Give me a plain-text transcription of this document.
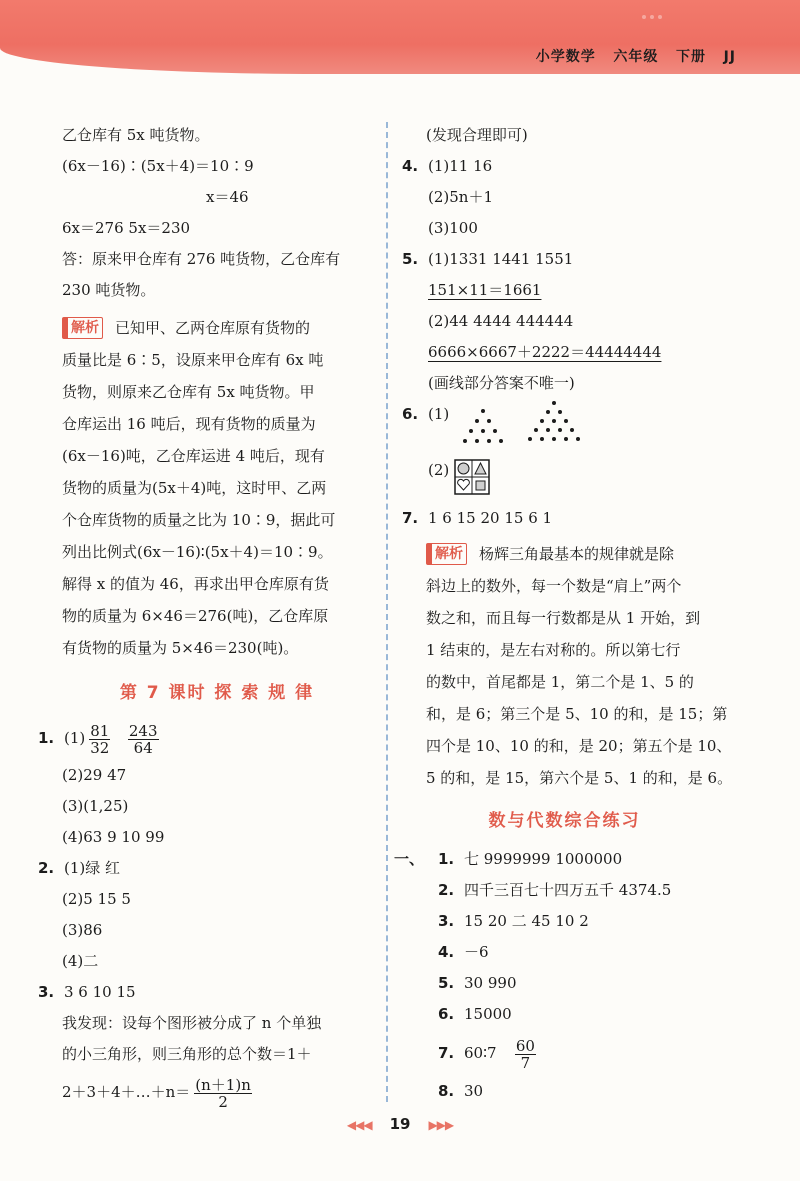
小学数学   六年级   下册   JJ
乙仓库有 5x 吨货物。
(6x－16)∶(5x＋4)＝10∶9
x＝46
6x＝276 5x＝230
答：原来甲仓库有 276 吨货物，乙仓库有
230 吨货物。
解析 已知甲、乙两仓库原有货物的
质量比是 6∶5，设原来甲仓库有 6x 吨
货物，则原来乙仓库有 5x 吨货物。甲
仓库运出 16 吨后，现有货物的质量为
(6x－16)吨，乙仓库运进 4 吨后，现有
货物的质量为(5x＋4)吨，这时甲、乙两
个仓库货物的质量之比为 10∶9，据此可
列出比例式(6x－16)∶(5x＋4)＝10∶9。
解得 x 的值为 46，再求出甲仓库原有货
物的质量为 6×46＝276(吨)，乙仓库原
有货物的质量为 5×46＝230(吨)。
第 7 课时 探 索 规 律
1. $(1) \frac{81}{32}$
$\frac{243}{64}$
(2)29 47
(3)(1,25)
(4)63 9 10 99
2. (1)绿 红
(2)5 15 5
(3)86
(4)二
3. 3 6 10 15
我发现：设每个图形被分成了 n 个单独
的小三角形，则三角形的总个数＝1＋
2＋3＋4＋…＋n＝ $\frac{(n+1)n}{2}$
(发现合理即可)
4. (1)11 16
(2)5n＋1
(3)100
5. (1)1331 1441 1551
151×11＝1661
(2)44 4444 444444
6666×6667＋2222＝44444444
(画线部分答案不唯一)
6. (1)
(2)
7. 1 6 15 20 15 6 1
解析 杨辉三角最基本的规律就是除
斜边上的数外，每一个数是“肩上”两个
数之和，而且每一行数都是从 1 开始，到
1 结束的，是左右对称的。所以第七行
的数中，首尾都是 1，第二个是 1、5 的
和，是 6；第三个是 5、10 的和，是 15；第
四个是 10、10 的和，是 20；第五个是 10、
5 的和，是 15，第六个是 5、1 的和，是 6。
数与代数综合练习
一、 1. 七 9999999 1000000
2. 四千三百七十四万五千 4374.5
3. 15 20 二 45 10 2
4. －6
5. 30 990
6. 15000
7. 60∶7 $\frac{60}{7}$
8. 30
◀◀◀ 19 ▶▶▶
